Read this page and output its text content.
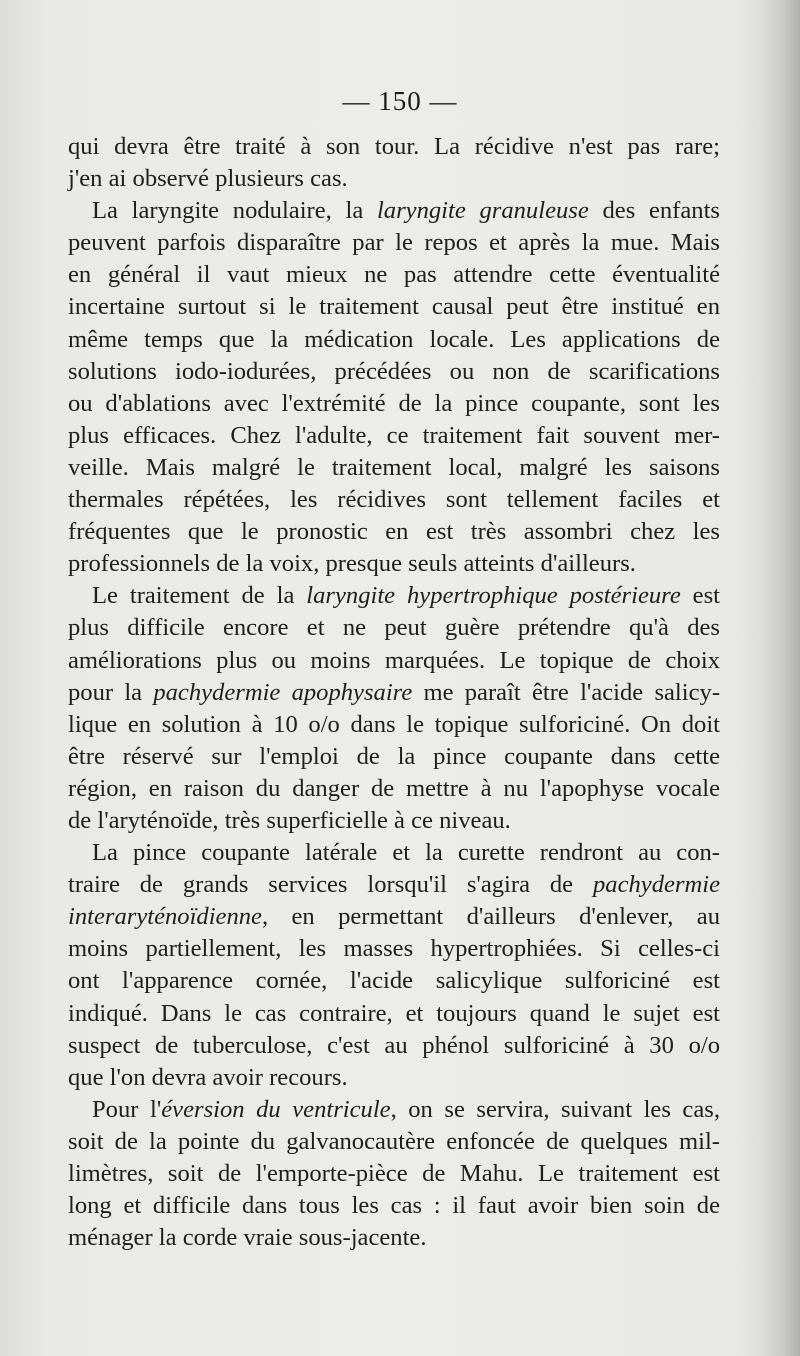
— 150 —
qui devra être traité à son tour. La récidive n'est pas rare;
j'en ai observé plusieurs cas.
La laryngite nodulaire, la laryngite granuleuse des enfants
peuvent parfois disparaître par le repos et après la mue. Mais
en général il vaut mieux ne pas attendre cette éventualité
incertaine surtout si le traitement causal peut être institué en
même temps que la médication locale. Les applications de
solutions iodo-iodurées, précédées ou non de scarifications
ou d'ablations avec l'extrémité de la pince coupante, sont les
plus efficaces. Chez l'adulte, ce traitement fait souvent mer-
veille. Mais malgré le traitement local, malgré les saisons
thermales répétées, les récidives sont tellement faciles et
fréquentes que le pronostic en est très assombri chez les
professionnels de la voix, presque seuls atteints d'ailleurs.
Le traitement de la laryngite hypertrophique postérieure est
plus difficile encore et ne peut guère prétendre qu'à des
améliorations plus ou moins marquées. Le topique de choix
pour la pachydermie apophysaire me paraît être l'acide salicy-
lique en solution à 10 o/o dans le topique sulforiciné. On doit
être réservé sur l'emploi de la pince coupante dans cette
région, en raison du danger de mettre à nu l'apophyse vocale
de l'aryténoïde, très superficielle à ce niveau.
La pince coupante latérale et la curette rendront au con-
traire de grands services lorsqu'il s'agira de pachydermie
interaryténoïdienne, en permettant d'ailleurs d'enlever, au
moins partiellement, les masses hypertrophiées. Si celles-ci
ont l'apparence cornée, l'acide salicylique sulforiciné est
indiqué. Dans le cas contraire, et toujours quand le sujet est
suspect de tuberculose, c'est au phénol sulforiciné à 30 o/o
que l'on devra avoir recours.
Pour l'éversion du ventricule, on se servira, suivant les cas,
soit de la pointe du galvanocautère enfoncée de quelques mil-
limètres, soit de l'emporte-pièce de Mahu. Le traitement est
long et difficile dans tous les cas : il faut avoir bien soin de
ménager la corde vraie sous-jacente.
